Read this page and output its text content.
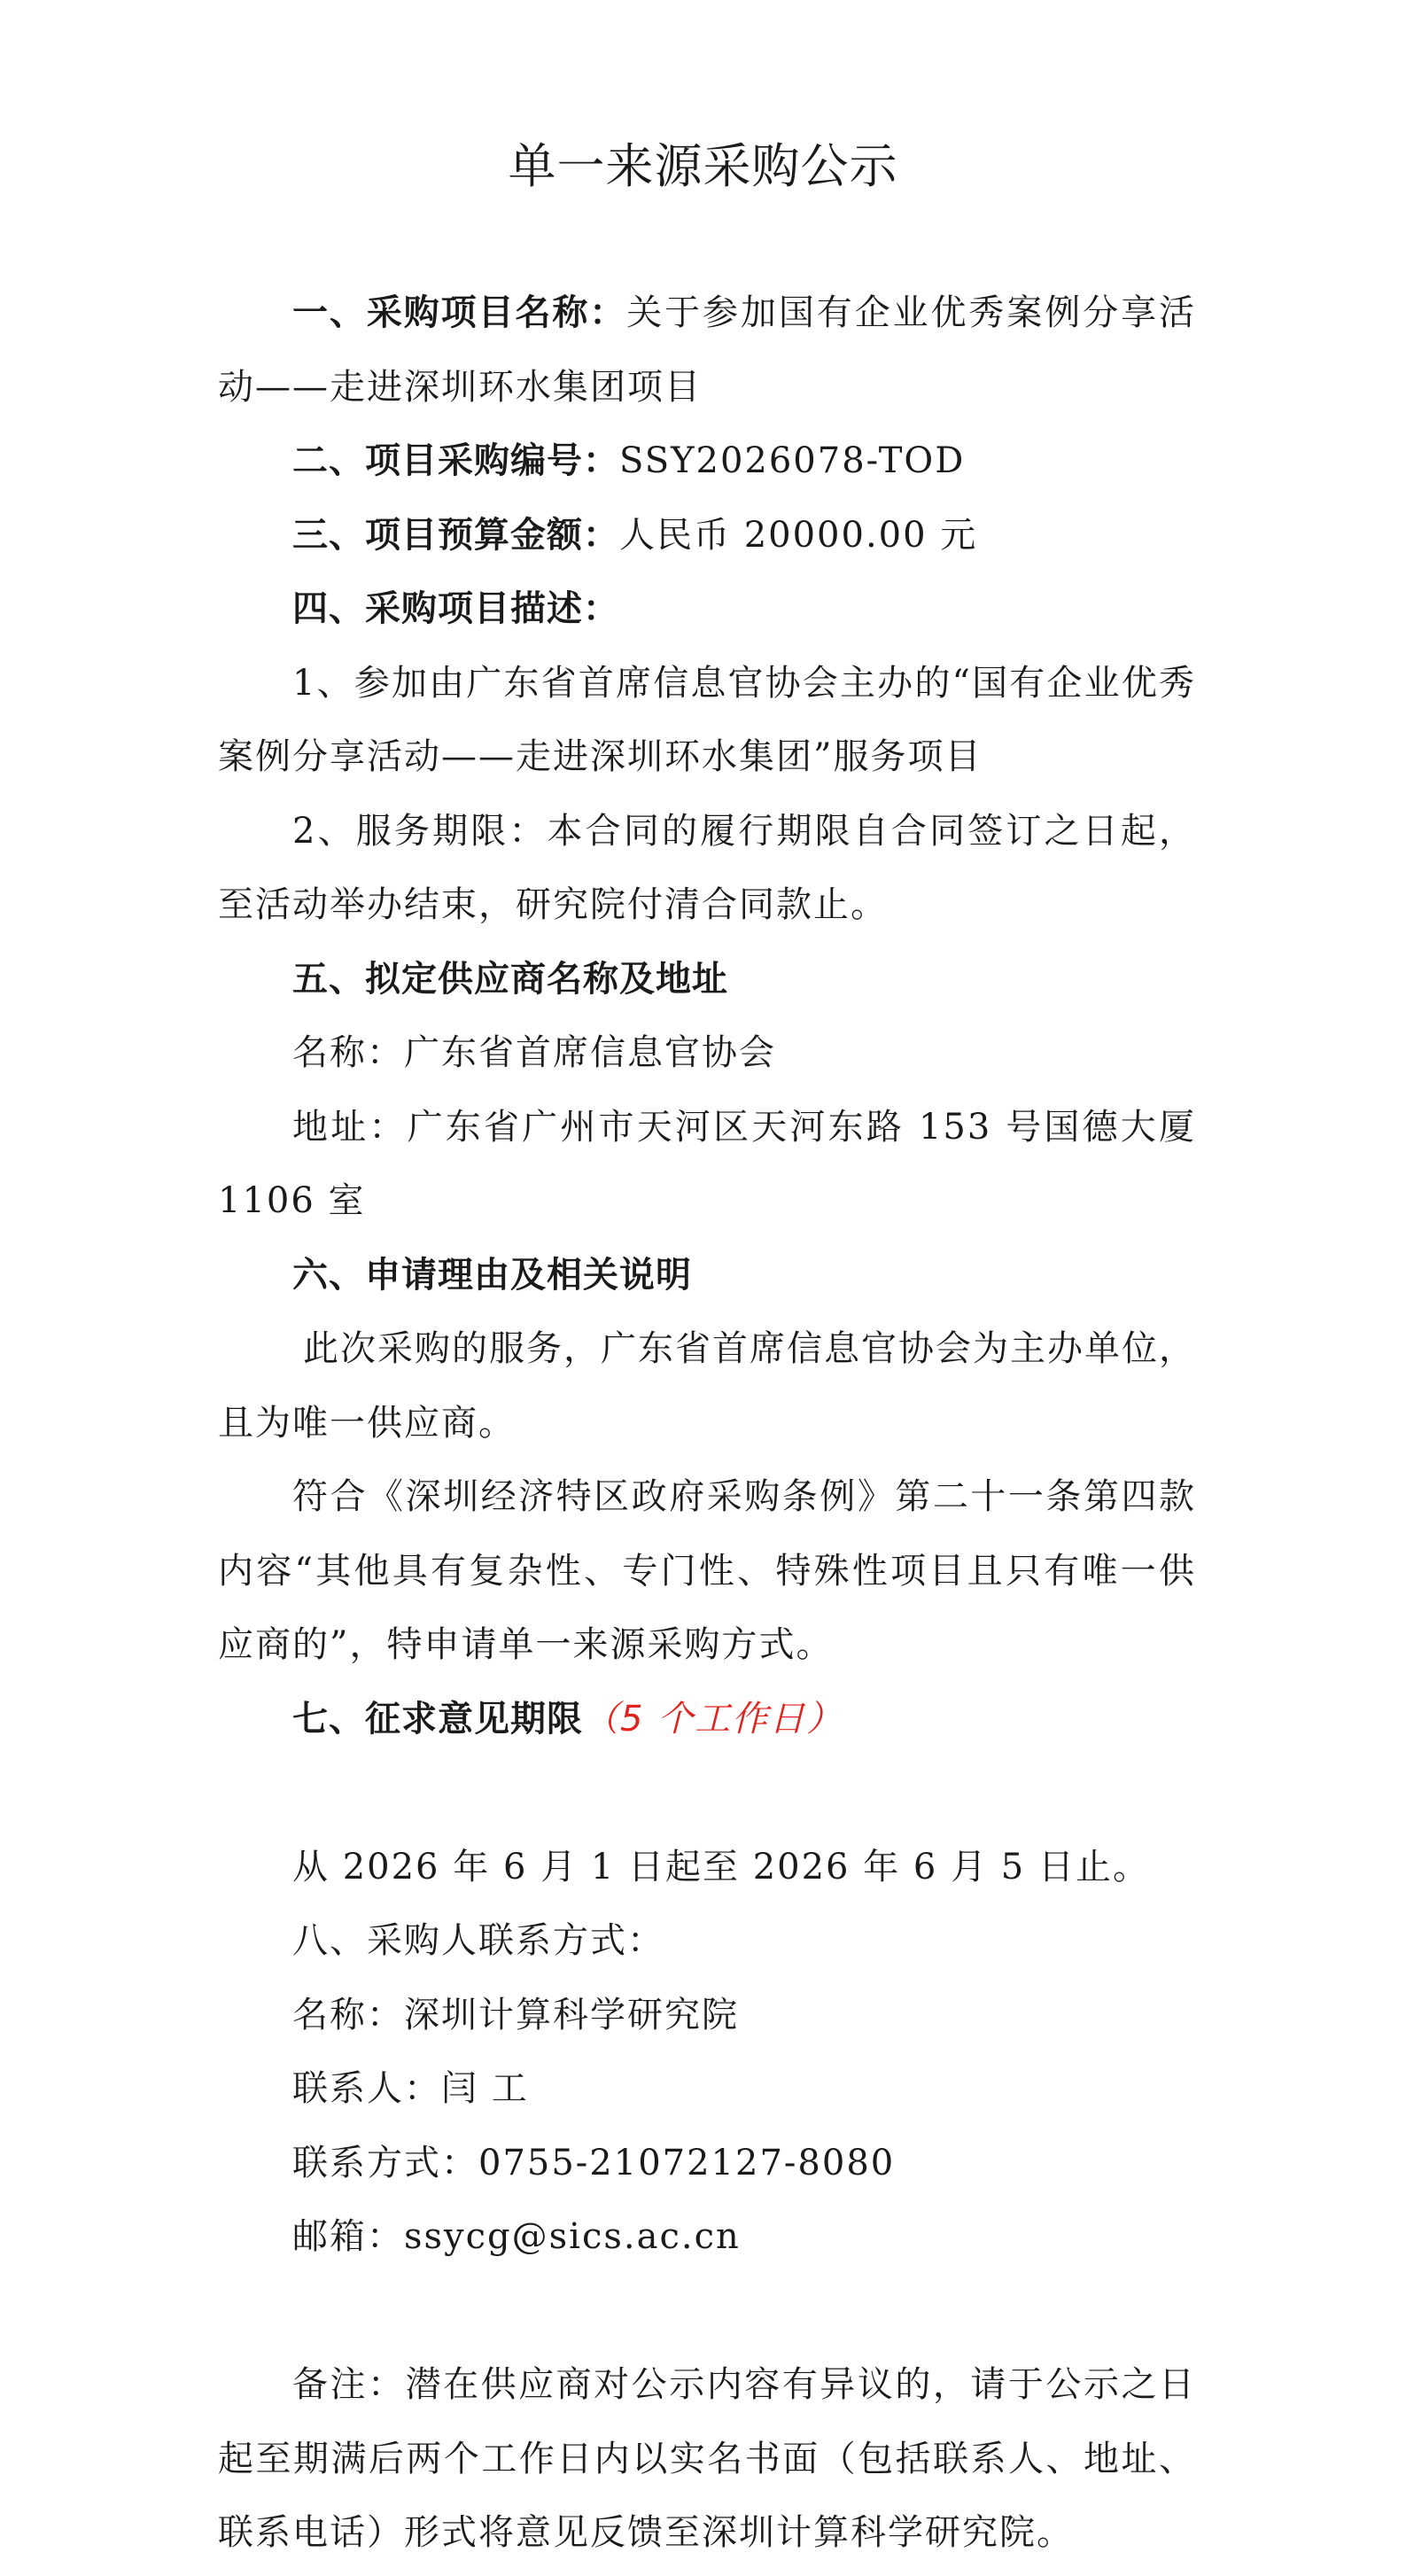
单一来源采购公示

一、采购项目名称：关于参加国有企业优秀案例分享活动——走进深圳环水集团项目

二、项目采购编号：SSY2026078-TOD

三、项目预算金额：人民币 20000.00 元

四、采购项目描述：

1、参加由广东省首席信息官协会主办的“国有企业优秀案例分享活动——走进深圳环水集团”服务项目

2、服务期限：本合同的履行期限自合同签订之日起，至活动举办结束，研究院付清合同款止。

五、拟定供应商名称及地址

名称：广东省首席信息官协会

地址：广东省广州市天河区天河东路 153 号国德大厦 1106 室

六、申请理由及相关说明

此次采购的服务，广东省首席信息官协会为主办单位，且为唯一供应商。

符合《深圳经济特区政府采购条例》第二十一条第四款内容“其他具有复杂性、专门性、特殊性项目且只有唯一供应商的”，特申请单一来源采购方式。

七、征求意见期限（5 个工作日）

从 2026 年 6 月 1 日起至 2026 年 6 月 5 日止。

八、采购人联系方式：

名称：深圳计算科学研究院

联系人：闫 工

联系方式：0755-21072127-8080

邮箱：ssycg@sics.ac.cn

备注：潜在供应商对公示内容有异议的，请于公示之日起至期满后两个工作日内以实名书面（包括联系人、地址、联系电话）形式将意见反馈至深圳计算科学研究院。
